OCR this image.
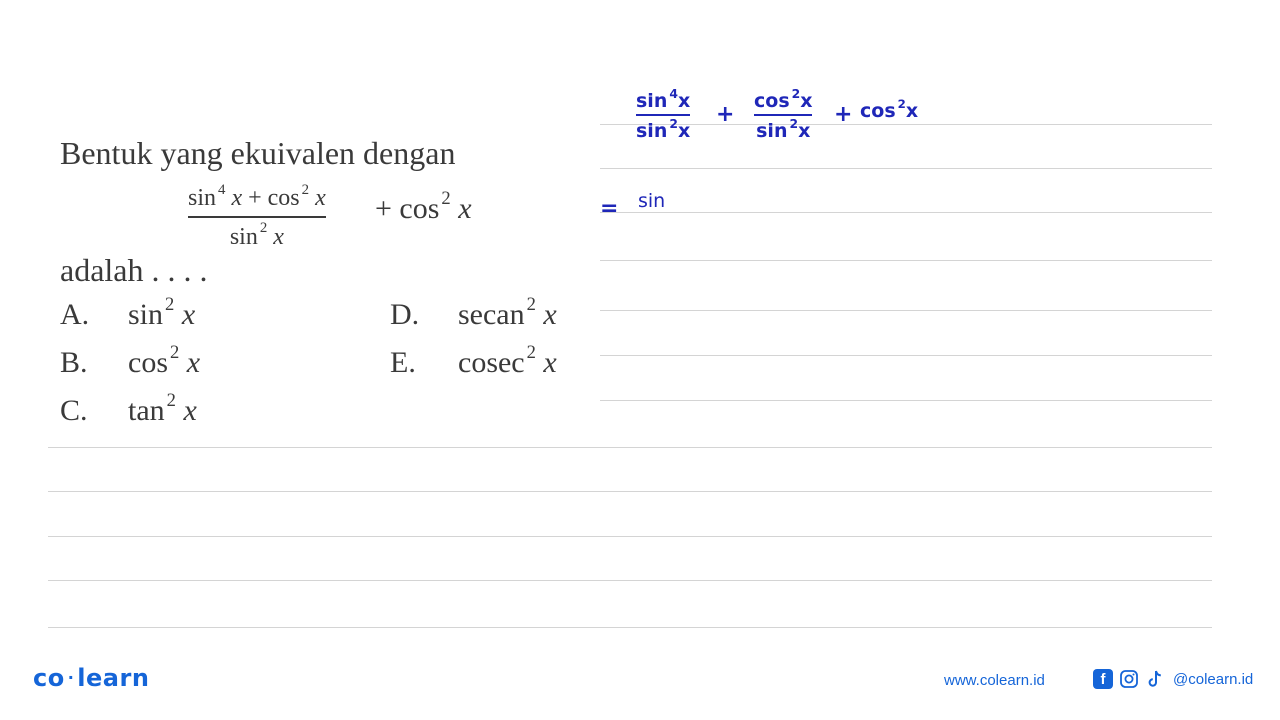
Bentuk yang ekuivalen dengan
sin $^4$ x + cos $^2$ x
sin $^2$ x
+ cos $^2$ x
adalah . . . .
A. sin $^2$ x
B. cos $^2$ x
C. tan $^2$ x
D. secan $^2$ x
E. cosec $^2$ x
sin $^4$x
sin $^2$x
+
cos $^2$x
sin $^2$x
+ cos $^2$x
= sin
co · learn	www.colearn.id	f	@colearn.id
